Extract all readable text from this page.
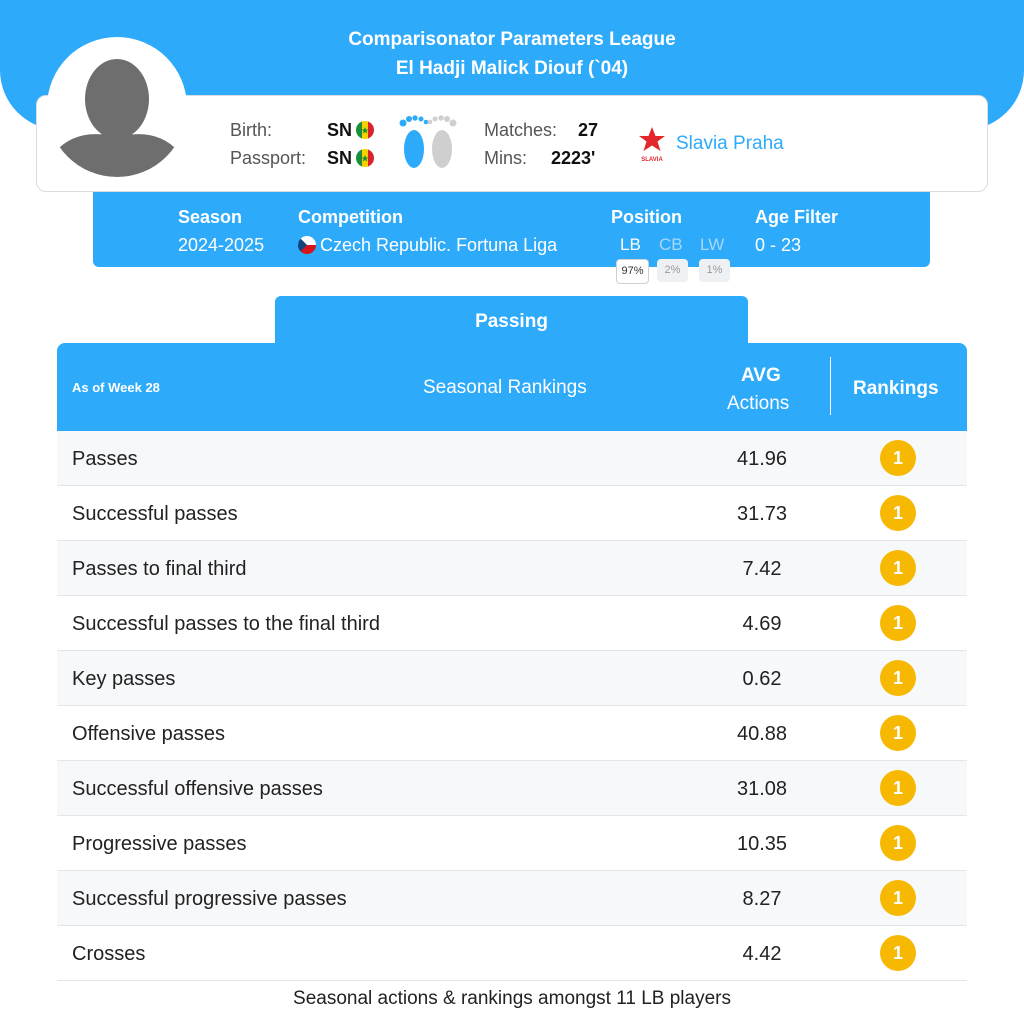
Comparisonator Parameters League
El Hadji Malick Diouf (`04)
Birth:	SN
Passport: SN
Matches: 27
Mins: 2223'	SLAVIA
Slavia Praha
Season
2024-2025
Competition
Czech Republic. Fortuna Liga
Position
LB
97%
CB
2%
LW
1%
Age Filter
0 - 23
Passing
As of Week 28	Seasonal Rankings
AVG
Actions
Rankings
Passes	41.96	1
Successful passes	31.73	1
Passes to final third	7.42	1
Successful passes to the final third	4.69	1
Key passes	0.62	1
Offensive passes	40.88	1
Successful offensive passes	31.08	1
Progressive passes	10.35	1
Successful progressive passes	8.27	1
Crosses	4.42	1
Seasonal actions & rankings amongst 11 LB players
